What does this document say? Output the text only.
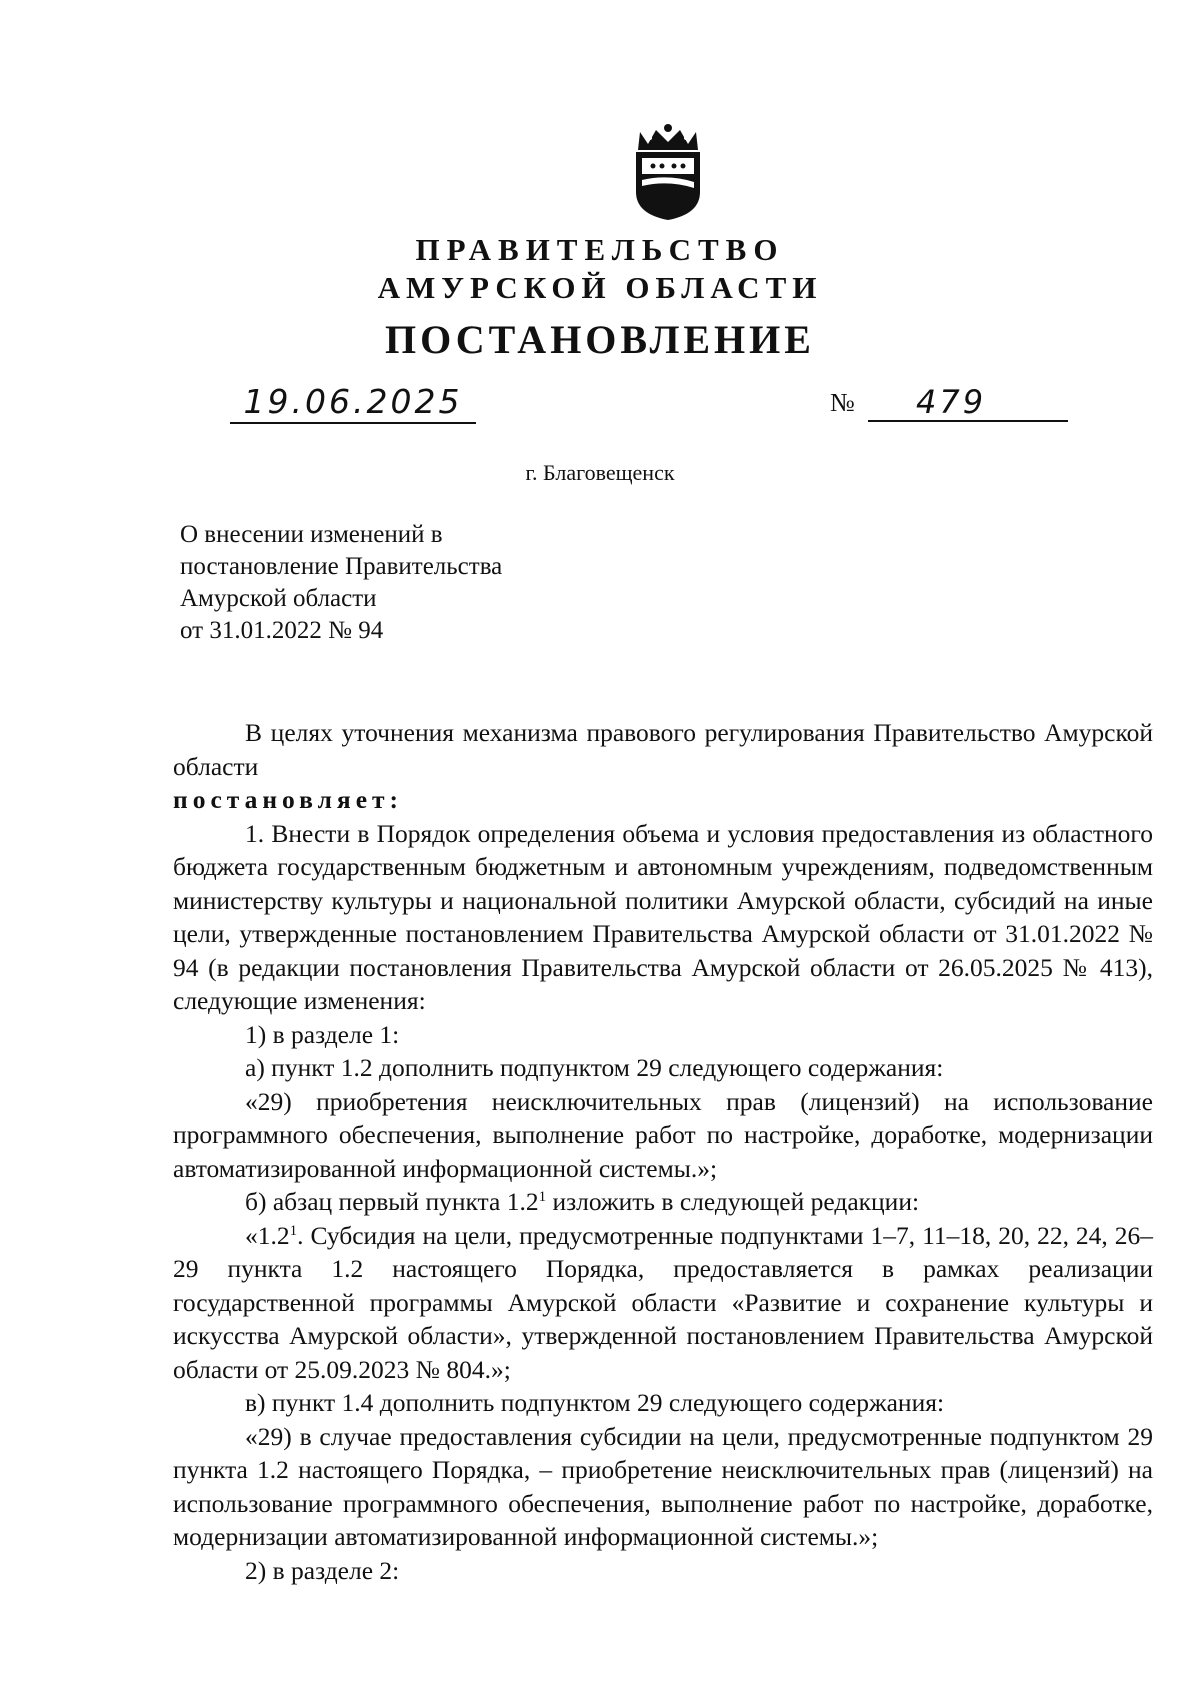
ПРАВИТЕЛЬСТВО
АМУРСКОЙ ОБЛАСТИ
ПОСТАНОВЛЕНИЕ
19.06.2025	№	479
г. Благовещенск
О внесении изменений в
постановление Правительства
Амурской области
от 31.01.2022 № 94

В целях уточнения механизма правового регулирования Правительство Амурской области

постановляет:

1. Внести в Порядок определения объема и условия предоставления из областного бюджета государственным бюджетным и автономным учреждениям, подведомственным министерству культуры и национальной политики Амурской области, субсидий на иные цели, утвержденные постановлением Правительства Амурской области от 31.01.2022 № 94 (в редакции постановления Правительства Амурской области от 26.05.2025 № 413), следующие изменения:

1) в разделе 1:

а) пункт 1.2 дополнить подпунктом 29 следующего содержания:

«29) приобретения неисключительных прав (лицензий) на использование программного обеспечения, выполнение работ по настройке, доработке, модернизации автоматизированной информационной системы.»;

б) абзац первый пункта $1.2^1$ изложить в следующей редакции:

«$1.2^1$. Субсидия на цели, предусмотренные подпунктами 1–7, 11–18, 20, 22, 24, 26–29 пункта 1.2 настоящего Порядка, предоставляется в рамках реализации государственной программы Амурской области «Развитие и сохранение культуры и искусства Амурской области», утвержденной постановлением Правительства Амурской области от 25.09.2023 № 804.»;

в) пункт 1.4 дополнить подпунктом 29 следующего содержания:

«29) в случае предоставления субсидии на цели, предусмотренные подпунктом 29 пункта 1.2 настоящего Порядка, – приобретение неисключительных прав (лицензий) на использование программного обеспечения, выполнение работ по настройке, доработке, модернизации автоматизированной информационной системы.»;

2) в разделе 2:
